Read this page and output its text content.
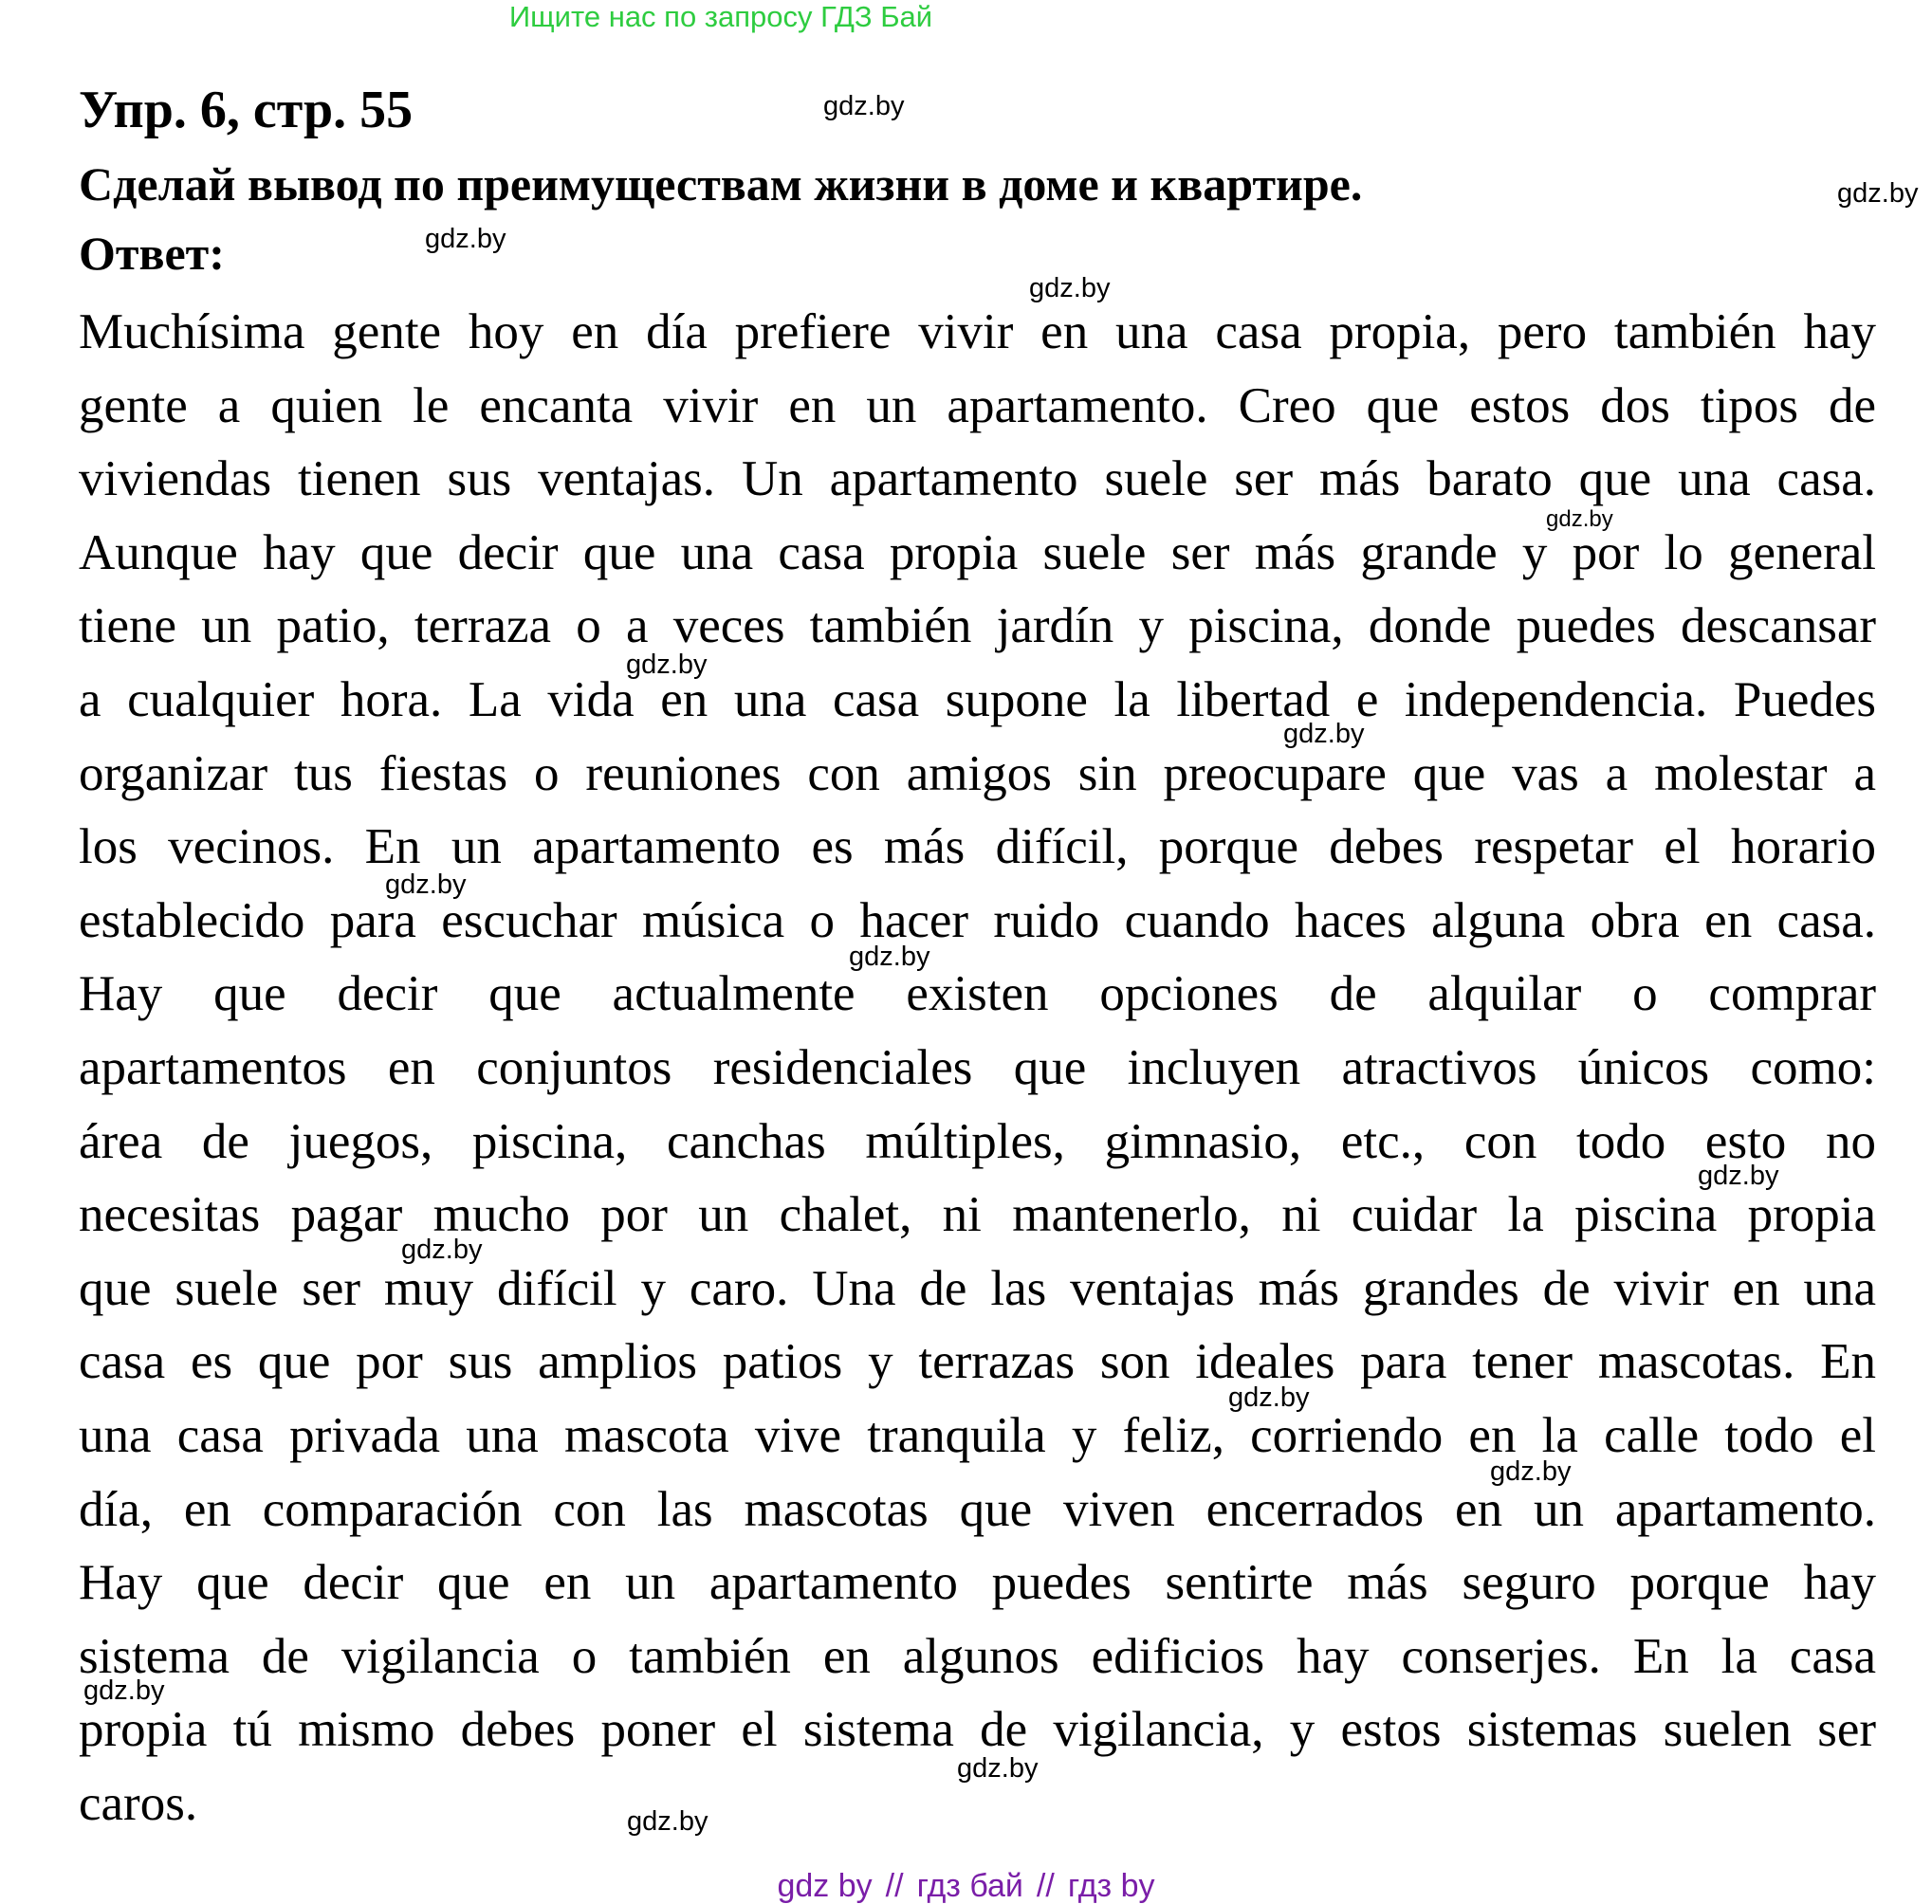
Ищите нас по запросу ГДЗ Бай
Упр. 6, стр. 55
Сделай вывод по преимуществам жизни в доме и квартире.
Ответ:
Muchísima gente hoy en día prefiere vivir en una casa propia, pero también hay
gente a quien le encanta vivir en un apartamento. Creo que estos dos tipos de
viviendas tienen sus ventajas. Un apartamento suele ser más barato que una casa.
Aunque hay que decir que una casa propia suele ser más grande y por lo general
tiene un patio, terraza o a veces también jardín y piscina, donde puedes descansar
a cualquier hora. La vida en una casa supone la libertad e independencia. Puedes
organizar tus fiestas o reuniones con amigos sin preocupare que vas a molestar a
los vecinos. En un apartamento es más difícil, porque debes respetar el horario
establecido para escuchar música o hacer ruido cuando haces alguna obra en casa.
Hay que decir que actualmente existen opciones de alquilar o comprar
apartamentos en conjuntos residenciales que incluyen atractivos únicos como:
área de juegos, piscina, canchas múltiples, gimnasio, etc., con todo esto no
necesitas pagar mucho por un chalet, ni mantenerlo, ni cuidar la piscina propia
que suele ser muy difícil y caro. Una de las ventajas más grandes de vivir en una
casa es que por sus amplios patios y terrazas son ideales para tener mascotas. En
una casa privada una mascota vive tranquila y feliz, corriendo en la calle todo el
día, en comparación con las mascotas que viven encerrados en un apartamento.
Hay que decir que en un apartamento puedes sentirte más seguro porque hay
sistema de vigilancia o también en algunos edificios hay conserjes. En la casa
propia tú mismo debes poner el sistema de vigilancia, y estos sistemas suelen ser
caros.
gdz.by
gdz.by
gdz.by
gdz.by
gdz.by
gdz.by
gdz.by
gdz.by
gdz.by
gdz.by
gdz.by
gdz.by
gdz.by
gdz.by
gdz.by
gdz.by
gdz by // гдз бай // гдз by
